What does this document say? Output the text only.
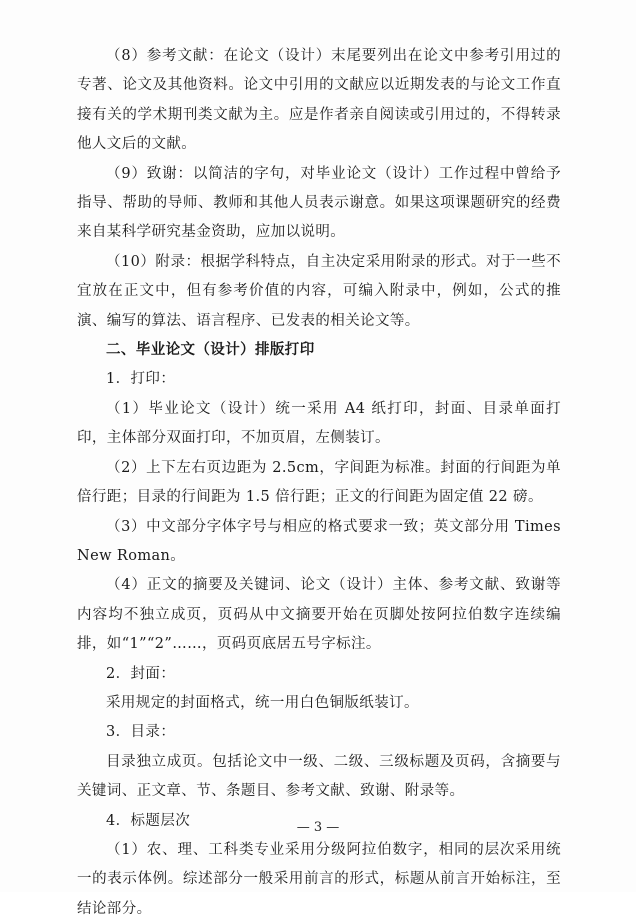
（8）参考文献：在论文（设计）末尾要列出在论文中参考引用过的专著、论文及其他资料。论文中引用的文献应以近期发表的与论文工作直接有关的学术期刊类文献为主。应是作者亲自阅读或引用过的，不得转录他人文后的文献。

（9）致谢：以简洁的字句，对毕业论文（设计）工作过程中曾给予指导、帮助的导师、教师和其他人员表示谢意。如果这项课题研究的经费来自某科学研究基金资助，应加以说明。

（10）附录：根据学科特点，自主决定采用附录的形式。对于一些不宜放在正文中，但有参考价值的内容，可编入附录中，例如，公式的推演、编写的算法、语言程序、已发表的相关论文等。

二、毕业论文（设计）排版打印

1．打印：

（1）毕业论文（设计）统一采用 A4 纸打印，封面、目录单面打印，主体部分双面打印，不加页眉，左侧装订。

（2）上下左右页边距为 2.5cm，字间距为标准。封面的行间距为单倍行距；目录的行间距为 1.5 倍行距；正文的行间距为固定值 22 磅。

（3）中文部分字体字号与相应的格式要求一致；英文部分用 Times New Roman。

（4）正文的摘要及关键词、论文（设计）主体、参考文献、致谢等内容均不独立成页，页码从中文摘要开始在页脚处按阿拉伯数字连续编排，如“1”“2”……，页码页底居五号字标注。

2．封面：

采用规定的封面格式，统一用白色铜版纸装订。

3．目录：

目录独立成页。包括论文中一级、二级、三级标题及页码，含摘要与关键词、正文章、节、条题目、参考文献、致谢、附录等。

4．标题层次

（1）农、理、工科类专业采用分级阿拉伯数字，相同的层次采用统一的表示体例。综述部分一般采用前言的形式，标题从前言开始标注，至结论部分。

— 3 —
